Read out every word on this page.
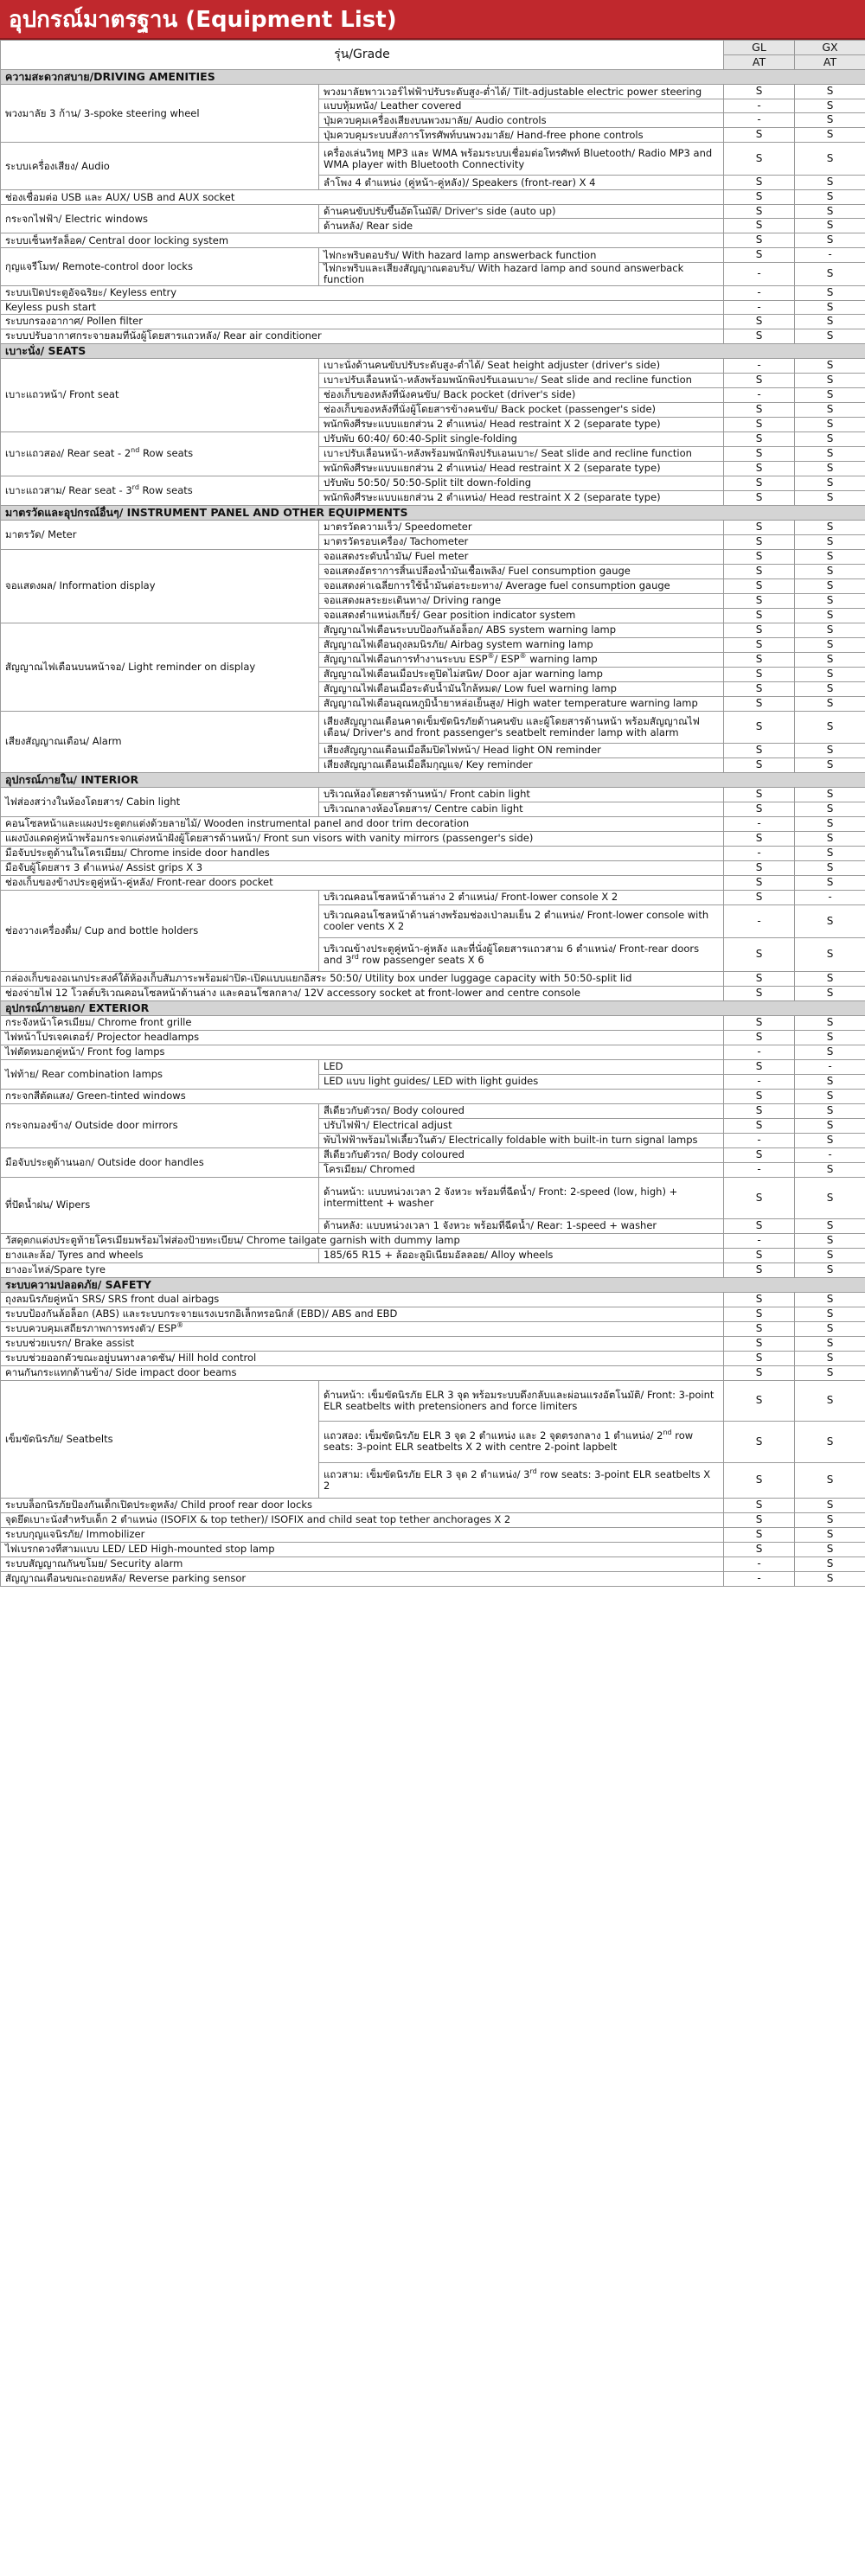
อุปกรณ์มาตรฐาน (Equipment List)
รุ่น/Grade		GL	GX
		AT	AT
ความสะดวกสบาย/DRIVING AMENITIES			
พวงมาลัย 3 ก้าน/ 3-spoke steering wheel	พวงมาลัยพาวเวอร์ไฟฟ้าปรับระดับสูง-ต่ำได้/ Tilt-adjustable electric power steering	S	S
	แบบหุ้มหนัง/ Leather covered	-	S
	ปุ่มควบคุมเครื่องเสียงบนพวงมาลัย/ Audio controls	-	S
	ปุ่มควบคุมระบบสั่งการโทรศัพท์บนพวงมาลัย/ Hand-free phone controls	S	S
ระบบเครื่องเสียง/ Audio	เครื่องเล่นวิทยุ MP3 และ WMA พร้อมระบบเชื่อมต่อโทรศัพท์ Bluetooth/ Radio MP3 and WMA player with Bluetooth Connectivity	S	S
	ลำโพง 4 ตำแหน่ง (คู่หน้า-คู่หลัง)/ Speakers (front-rear) X 4	S	S
ช่องเชื่อมต่อ USB และ AUX/ USB and AUX socket		S	S
กระจกไฟฟ้า/ Electric windows	ด้านคนขับปรับขึ้นอัตโนมัติ/ Driver's side (auto up)	S	S
	ด้านหลัง/ Rear side	S	S
ระบบเซ็นทรัลล็อค/ Central door locking system		S	S
กุญแจรีโมท/ Remote-control door locks	ไฟกะพริบตอบรับ/ With hazard lamp answerback function	S	-
	ไฟกะพริบและเสียงสัญญาณตอบรับ/ With hazard lamp and sound answerback function	-	S
ระบบเปิดประตูอัจฉริยะ/ Keyless entry		-	S
Keyless push start		-	S
ระบบกรองอากาศ/ Pollen filter		S	S
ระบบปรับอากาศกระจายลมที่นั่งผู้โดยสารแถวหลัง/ Rear air conditioner		S	S
เบาะนั่ง/ SEATS			
เบาะแถวหน้า/ Front seat	เบาะนั่งด้านคนขับปรับระดับสูง-ต่ำได้/ Seat height adjuster (driver's side)	-	S
	เบาะปรับเลื่อนหน้า-หลังพร้อมพนักพิงปรับเอนเบาะ/ Seat slide and recline function	S	S
	ช่องเก็บของหลังที่นั่งคนขับ/ Back pocket (driver's side)	-	S
	ช่องเก็บของหลังที่นั่งผู้โดยสารข้างคนขับ/ Back pocket (passenger's side)	S	S
	พนักพิงศีรษะแบบแยกส่วน 2 ตำแหน่ง/ Head restraint X 2 (separate type)	S	S
เบาะแถวสอง/ Rear seat - 2nd Row seats	ปรับพับ 60:40/ 60:40-Split single-folding	S	S
	เบาะปรับเลื่อนหน้า-หลังพร้อมพนักพิงปรับเอนเบาะ/ Seat slide and recline function	S	S
	พนักพิงศีรษะแบบแยกส่วน 2 ตำแหน่ง/ Head restraint X 2 (separate type)	S	S
เบาะแถวสาม/ Rear seat - 3rd Row seats	ปรับพับ 50:50/ 50:50-Split tilt down-folding	S	S
	พนักพิงศีรษะแบบแยกส่วน 2 ตำแหน่ง/ Head restraint X 2 (separate type)	S	S
มาตรวัดและอุปกรณ์อื่นๆ/ INSTRUMENT PANEL AND OTHER EQUIPMENTS			
มาตรวัด/ Meter	มาตรวัดความเร็ว/ Speedometer	S	S
	มาตรวัดรอบเครื่อง/ Tachometer	S	S
จอแสดงผล/ Information display	จอแสดงระดับน้ำมัน/ Fuel meter	S	S
	จอแสดงอัตราการสิ้นเปลืองน้ำมันเชื้อเพลิง/ Fuel consumption gauge	S	S
	จอแสดงค่าเฉลี่ยการใช้น้ำมันต่อระยะทาง/ Average fuel consumption gauge	S	S
	จอแสดงผลระยะเดินทาง/ Driving range	S	S
	จอแสดงตำแหน่งเกียร์/ Gear position indicator system	S	S
สัญญาณไฟเตือนบนหน้าจอ/ Light reminder on display	สัญญาณไฟเตือนระบบป้องกันล้อล็อก/ ABS system warning lamp	S	S
	สัญญาณไฟเตือนถุงลมนิรภัย/ Airbag system warning lamp	S	S
	สัญญาณไฟเตือนการทำงานระบบ ESP®/ ESP® warning lamp	S	S
	สัญญาณไฟเตือนเมื่อประตูปิดไม่สนิท/ Door ajar warning lamp	S	S
	สัญญาณไฟเตือนเมื่อระดับน้ำมันใกล้หมด/ Low fuel warning lamp	S	S
	สัญญาณไฟเตือนอุณหภูมิน้ำยาหล่อเย็นสูง/ High water temperature warning lamp	S	S
เสียงสัญญาณเตือน/ Alarm	เสียงสัญญาณเตือนคาดเข็มขัดนิรภัยด้านคนขับ และผู้โดยสารด้านหน้า พร้อมสัญญาณไฟเตือน/ Driver's and front passenger's seatbelt reminder lamp with alarm	S	S
	เสียงสัญญาณเตือนเมื่อลืมปิดไฟหน้า/ Head light ON reminder	S	S
	เสียงสัญญาณเตือนเมื่อลืมกุญแจ/ Key reminder	S	S
อุปกรณ์ภายใน/ INTERIOR			
ไฟส่องสว่างในห้องโดยสาร/ Cabin light	บริเวณห้องโดยสารด้านหน้า/ Front cabin light	S	S
	บริเวณกลางห้องโดยสาร/ Centre cabin light	S	S
คอนโซลหน้าและแผงประตูตกแต่งด้วยลายไม้/ Wooden instrumental panel and door trim decoration		-	S
แผงบังแดดคู่หน้าพร้อมกระจกแต่งหน้าฝั่งผู้โดยสารด้านหน้า/ Front sun visors with vanity mirrors (passenger's side)		S	S
มือจับประตูด้านในโครเมียม/ Chrome inside door handles		-	S
มือจับผู้โดยสาร 3 ตำแหน่ง/ Assist grips X 3		S	S
ช่องเก็บของข้างประตูคู่หน้า-คู่หลัง/ Front-rear doors pocket		S	S
ช่องวางเครื่องดื่ม/ Cup and bottle holders	บริเวณคอนโซลหน้าด้านล่าง 2 ตำแหน่ง/ Front-lower console X 2	S	-
	บริเวณคอนโซลหน้าด้านล่างพร้อมช่องเป่าลมเย็น 2 ตำแหน่ง/ Front-lower console with cooler vents X 2	-	S
	บริเวณข้างประตูคู่หน้า-คู่หลัง และที่นั่งผู้โดยสารแถวสาม 6 ตำแหน่ง/ Front-rear doors and 3rd row passenger seats X 6	S	S
กล่องเก็บของอเนกประสงค์ใต้ห้องเก็บสัมภาระพร้อมฝาปิด-เปิดแบบแยกอิสระ 50:50/ Utility box under luggage capacity with 50:50-split lid		S	S
ช่องจ่ายไฟ 12 โวลต์บริเวณคอนโซลหน้าด้านล่าง และคอนโซลกลาง/ 12V accessory socket at front-lower and centre console		S	S
อุปกรณ์ภายนอก/ EXTERIOR			
กระจังหน้าโครเมียม/ Chrome front grille		S	S
ไฟหน้าโปรเจคเตอร์/ Projector headlamps		S	S
ไฟตัดหมอกคู่หน้า/ Front fog lamps		-	S
ไฟท้าย/ Rear combination lamps	LED	S	-
	LED แบบ light guides/ LED with light guides	-	S
กระจกสีตัดแสง/ Green-tinted windows		S	S
กระจกมองข้าง/ Outside door mirrors	สีเดียวกับตัวรถ/ Body coloured	S	S
	ปรับไฟฟ้า/ Electrical adjust	S	S
	พับไฟฟ้าพร้อมไฟเลี้ยวในตัว/ Electrically foldable with built-in turn signal lamps	-	S
มือจับประตูด้านนอก/ Outside door handles	สีเดียวกับตัวรถ/ Body coloured	S	-
	โครเมียม/ Chromed	-	S
ที่ปัดน้ำฝน/ Wipers	ด้านหน้า: แบบหน่วงเวลา 2 จังหวะ พร้อมที่ฉีดน้ำ/ Front: 2-speed (low, high) + intermittent + washer	S	S
	ด้านหลัง: แบบหน่วงเวลา 1 จังหวะ พร้อมที่ฉีดน้ำ/ Rear: 1-speed + washer	S	S
วัสดุตกแต่งประตูท้ายโครเมียมพร้อมไฟส่องป้ายทะเบียน/ Chrome tailgate garnish with dummy lamp		-	S
ยางและล้อ/ Tyres and wheels	185/65 R15 + ล้ออะลูมิเนียมอัลลอย/ Alloy wheels	S	S
ยางอะไหล่/Spare tyre		S	S
ระบบความปลอดภัย/ SAFETY			
ถุงลมนิรภัยคู่หน้า SRS/ SRS front dual airbags		S	S
ระบบป้องกันล้อล็อก (ABS) และระบบกระจายแรงเบรกอิเล็กทรอนิกส์ (EBD)/ ABS and EBD		S	S
ระบบควบคุมเสถียรภาพการทรงตัว/ ESP®		S	S
ระบบช่วยเบรก/ Brake assist		S	S
ระบบช่วยออกตัวขณะอยู่บนทางลาดชัน/ Hill hold control		S	S
คานกันกระแทกด้านข้าง/ Side impact door beams		S	S
เข็มขัดนิรภัย/ Seatbelts	ด้านหน้า: เข็มขัดนิรภัย ELR 3 จุด พร้อมระบบดึงกลับและผ่อนแรงอัตโนมัติ/ Front: 3-point ELR seatbelts with pretensioners and force limiters	S	S
	แถวสอง: เข็มขัดนิรภัย ELR 3 จุด 2 ตำแหน่ง และ 2 จุดตรงกลาง 1 ตำแหน่ง/ 2nd row seats: 3-point ELR seatbelts X 2 with centre 2-point lapbelt	S	S
	แถวสาม: เข็มขัดนิรภัย ELR 3 จุด 2 ตำแหน่ง/ 3rd row seats: 3-point ELR seatbelts X 2	S	S
ระบบล็อกนิรภัยป้องกันเด็กเปิดประตูหลัง/ Child proof rear door locks		S	S
จุดยึดเบาะนั่งสำหรับเด็ก 2 ตำแหน่ง (ISOFIX & top tether)/ ISOFIX and child seat top tether anchorages X 2		S	S
ระบบกุญแจนิรภัย/ Immobilizer		S	S
ไฟเบรกดวงที่สามแบบ LED/ LED High-mounted stop lamp		S	S
ระบบสัญญาณกันขโมย/ Security alarm		-	S
สัญญาณเตือนขณะถอยหลัง/ Reverse parking sensor		-	S
